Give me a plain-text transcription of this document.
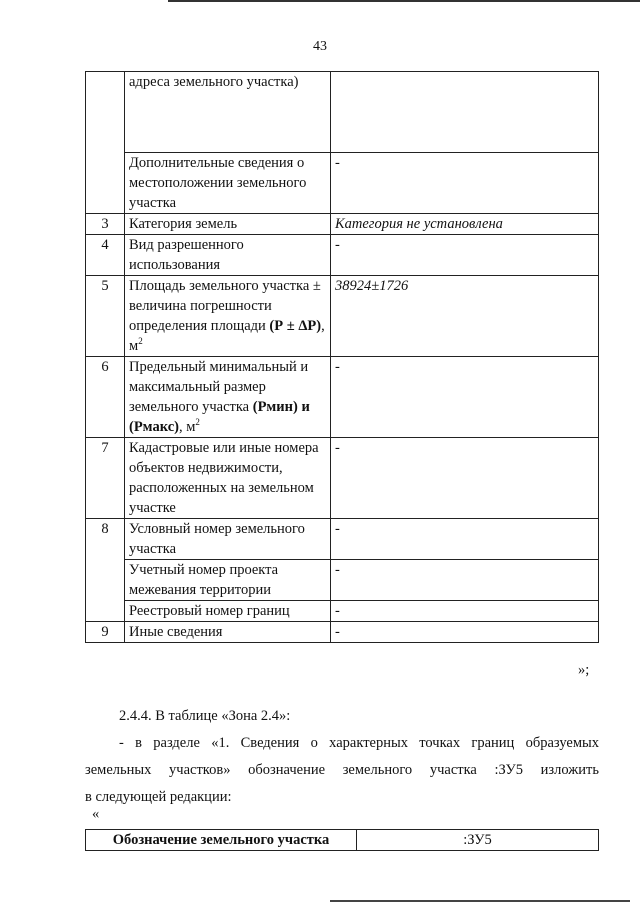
43
	адреса земельного участка)	
	Дополнительные сведения о местоположении земельного участка	-
3	Категория земель	Категория не установлена
4	Вид разрешенного использования	-
5	Площадь земельного участка ± величина погрешности определения площади (Р ± ΔР), $м^2$	38924±1726
6	Предельный минимальный и максимальный размер земельного участка (Рмин) и (Рмакс), $м^2$	-
7	Кадастровые или иные номера объектов недвижимости, расположенных на земельном участке	-
8	Условный номер земельного участка	-
	Учетный номер проекта межевания территории	-
	Реестровый номер границ	-
9	Иные сведения	-
»;
2.4.4. В таблице «Зона 2.4»:
- в разделе «1. Сведения о характерных точках границ образуемых
земельных участков» обозначение земельного участка :ЗУ5 изложить
в следующей редакции:
«
Обозначение земельного участка	:ЗУ5
